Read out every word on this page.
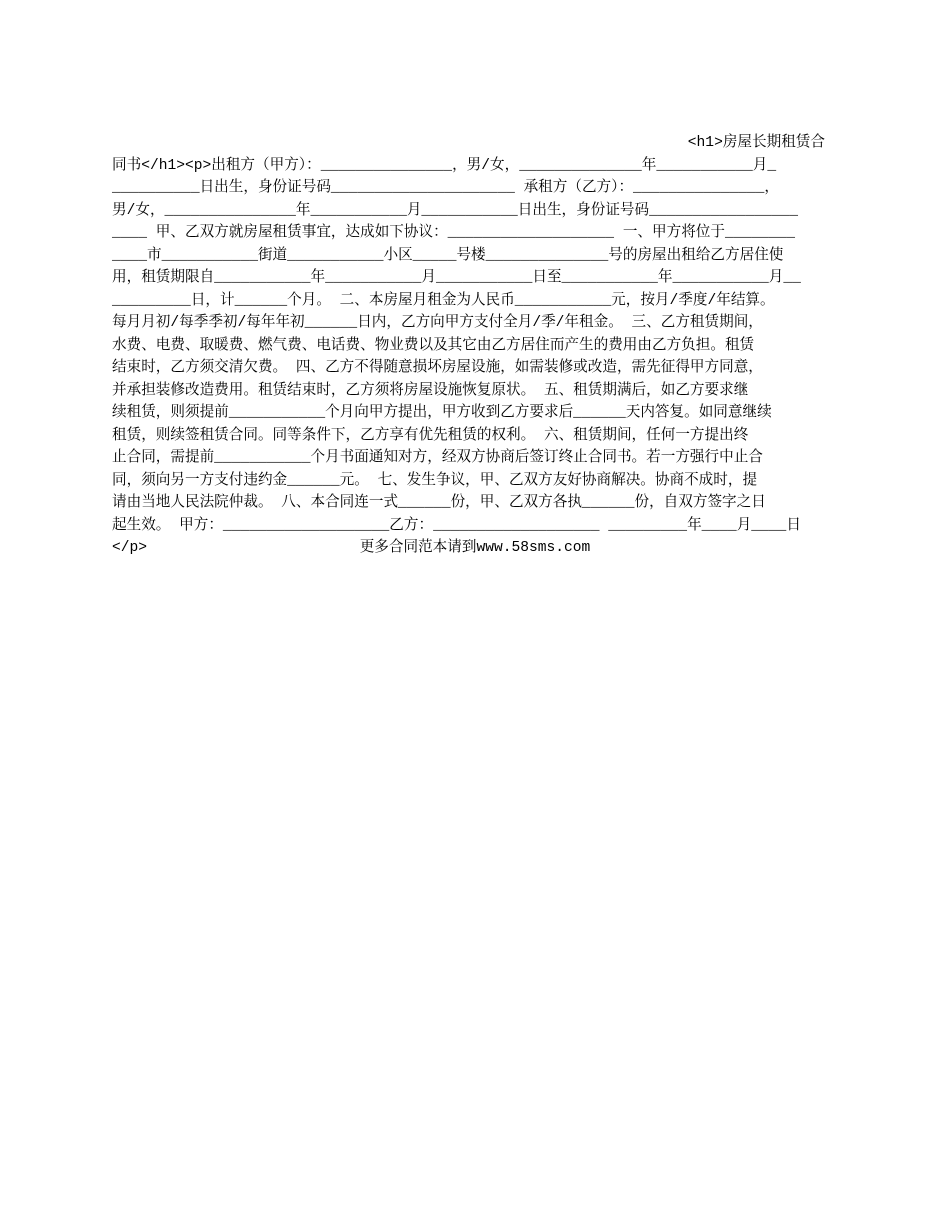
<h1>房屋长期租赁合
同书</h1><p>出租方（甲方）：_______________，男/女，______________年___________月_
__________日出生，身份证号码_____________________ 承租方（乙方）：_______________，
男/女，_______________年___________月___________日出生，身份证号码_________________
____ 甲、乙双方就房屋租赁事宜，达成如下协议：___________________ 一、甲方将位于________
____市___________街道___________小区_____号楼______________号的房屋出租给乙方居住使
用，租赁期限自___________年___________月___________日至___________年___________月__
_________日，计______个月。 二、本房屋月租金为人民币___________元，按月/季度/年结算。
每月月初/每季季初/每年年初______日内，乙方向甲方支付全月/季/年租金。 三、乙方租赁期间，
水费、电费、取暖费、燃气费、电话费、物业费以及其它由乙方居住而产生的费用由乙方负担。租赁
结束时，乙方须交清欠费。 四、乙方不得随意损坏房屋设施，如需装修或改造，需先征得甲方同意，
并承担装修改造费用。租赁结束时，乙方须将房屋设施恢复原状。 五、租赁期满后，如乙方要求继
续租赁，则须提前___________个月向甲方提出，甲方收到乙方要求后______天内答复。如同意继续
租赁，则续签租赁合同。同等条件下，乙方享有优先租赁的权利。 六、租赁期间，任何一方提出终
止合同，需提前___________个月书面通知对方，经双方协商后签订终止合同书。若一方强行中止合
同，须向另一方支付违约金______元。 七、发生争议，甲、乙双方友好协商解决。协商不成时，提
请由当地人民法院仲裁。 八、本合同连一式______份，甲、乙双方各执______份，自双方签字之日
起生效。 甲方：___________________乙方：___________________ _________年____月____日
</p>	更多合同范本请到www.58sms.com
